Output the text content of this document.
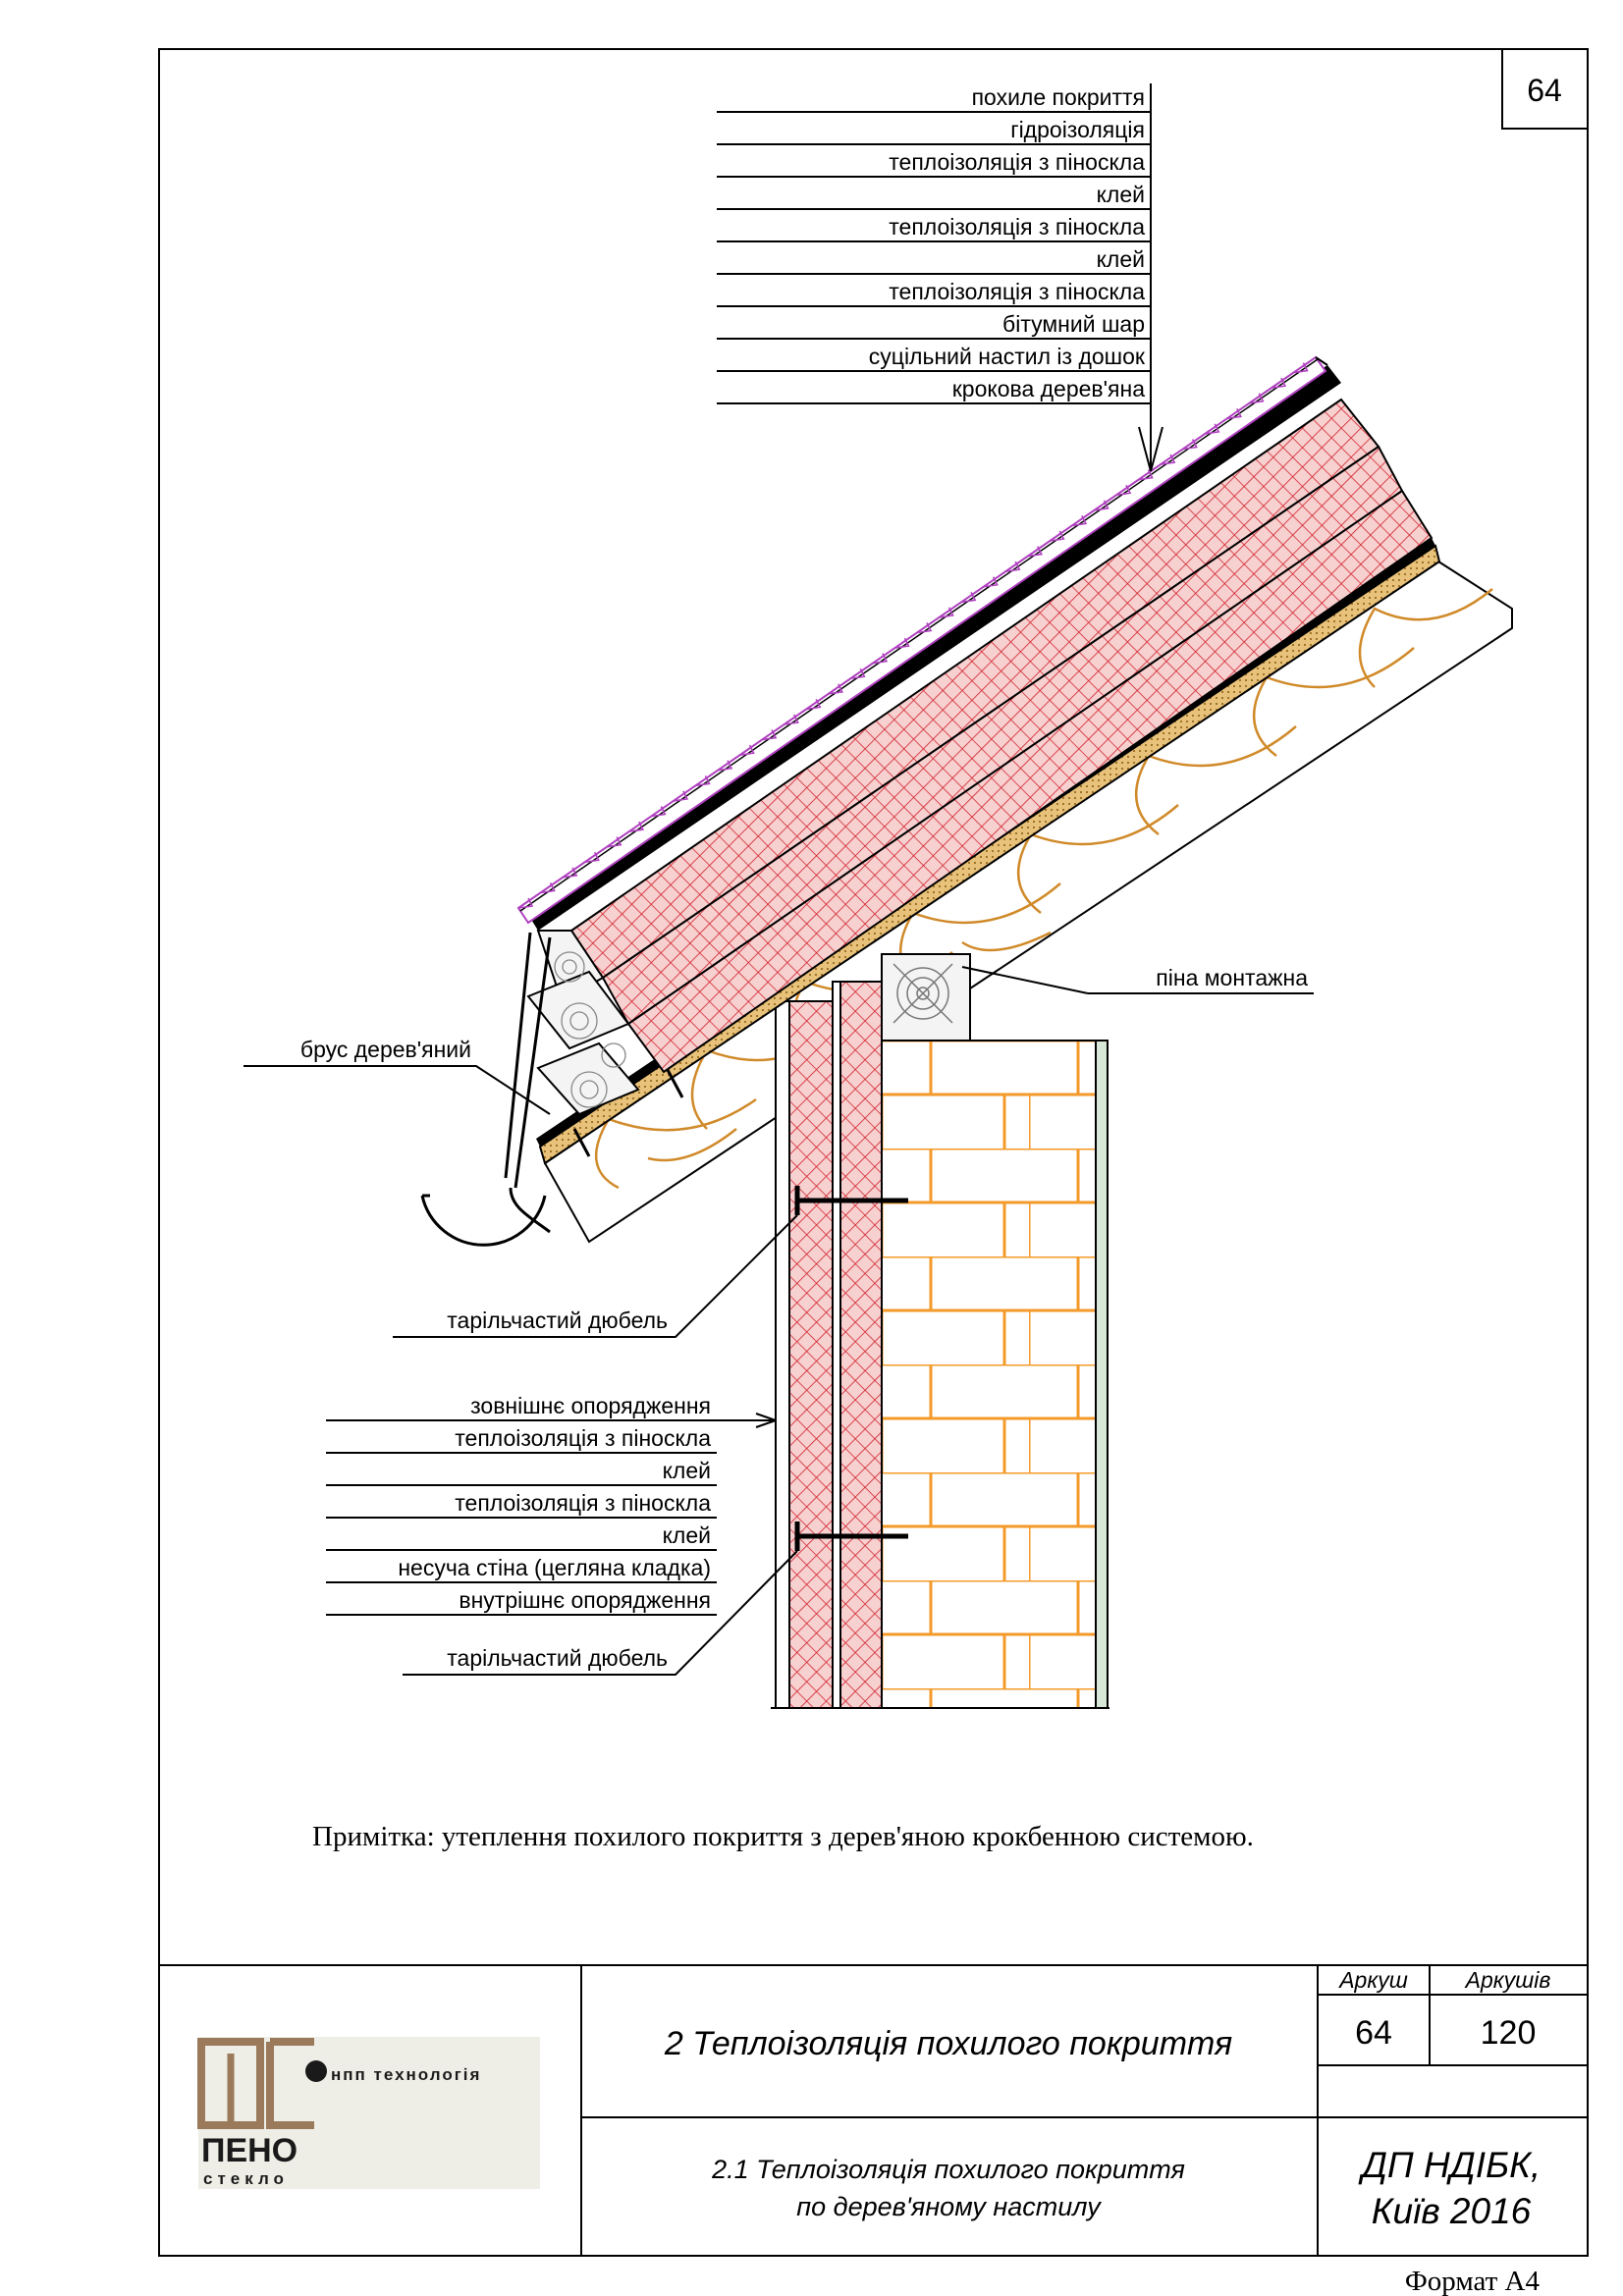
64
похиле покриття
гідроізоляція
теплоізоляція з піноскла
клей
теплоізоляція з піноскла
клей
теплоізоляція з піноскла
бітумний шар
суцільний настил із дошок
крокова дерев'яна
зовнішнє опорядження
теплоізоляція з піноскла
клей
теплоізоляція з піноскла
клей
несуча стіна (цегляна кладка)
внутрішнє опорядження
піна монтажна
брус дерев'яний
тарільчастий дюбель
тарільчастий дюбель
Примітка: утеплення похилого покриття з дерев'яною крокбенною системою.
нпп технологія
ПЕНО
стекло
2 Теплоізоляція похилого покриття
2.1 Теплоізоляція похилого покриття
по дерев'яному настилу
Аркуш	Аркушів
64	120
ДП НДІБК,
Київ 2016
Формат А4
